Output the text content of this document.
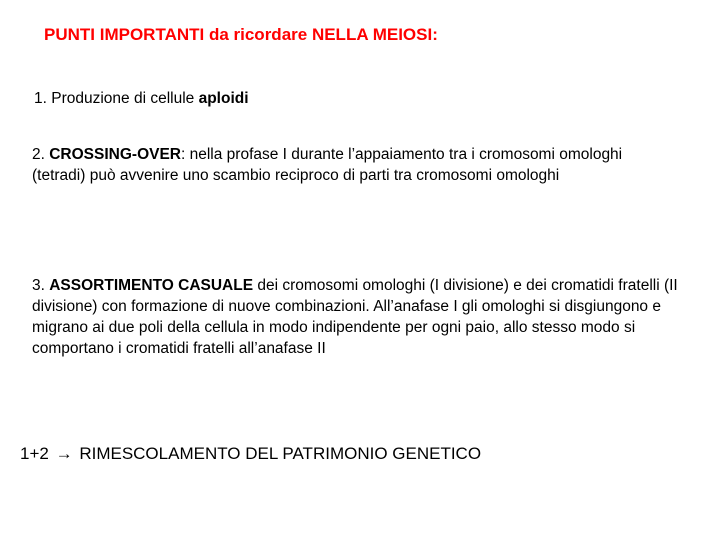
PUNTI IMPORTANTI da ricordare NELLA MEIOSI:
1. Produzione di cellule aploidi
2. CROSSING-OVER: nella profase I durante l’appaiamento tra i cromosomi omologhi (tetradi) può avvenire uno scambio reciproco di parti tra cromosomi omologhi
3. ASSORTIMENTO CASUALE dei cromosomi omologhi (I divisione) e dei cromatidi fratelli (II divisione) con formazione di nuove combinazioni. All’anafase I gli omologhi si disgiungono e migrano ai due poli della cellula in modo indipendente per ogni paio, allo stesso modo si comportano i cromatidi fratelli all’anafase II
1+2 → RIMESCOLAMENTO DEL PATRIMONIO GENETICO
